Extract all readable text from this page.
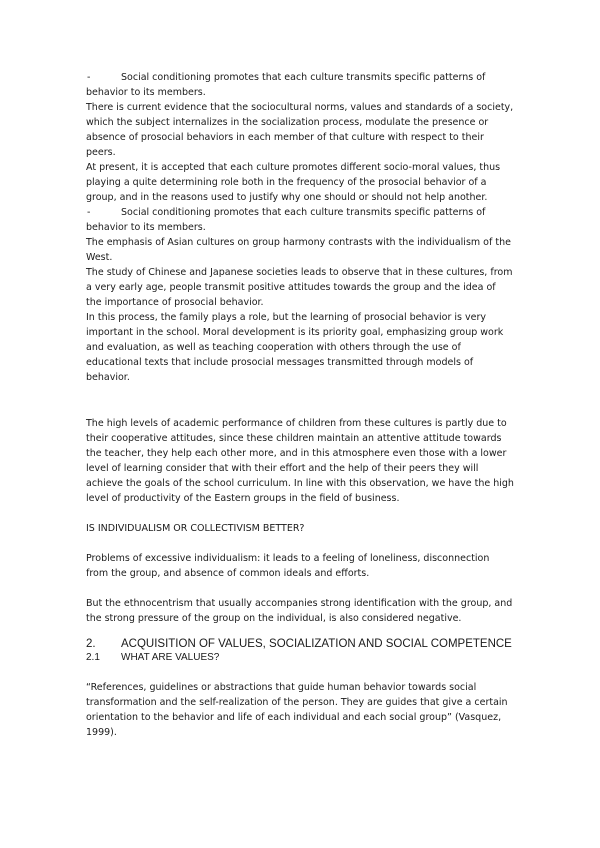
-	Social conditioning promotes that each culture transmits specific patterns of

behavior to its members.

There is current evidence that the sociocultural norms, values and standards of a society, which the subject internalizes in the socialization process, modulate the presence or absence of prosocial behaviors in each member of that culture with respect to their peers.

At present, it is accepted that each culture promotes different socio-moral values, thus playing a quite determining role both in the frequency of the prosocial behavior of a group, and in the reasons used to justify why one should or should not help another.

-	Social conditioning promotes that each culture transmits specific patterns of

behavior to its members.

The emphasis of Asian cultures on group harmony contrasts with the individualism of the West.

The study of Chinese and Japanese societies leads to observe that in these cultures, from a very early age, people transmit positive attitudes towards the group and the idea of the importance of prosocial behavior.

In this process, the family plays a role, but the learning of prosocial behavior is very important in the school. Moral development is its priority goal, emphasizing group work and evaluation, as well as teaching cooperation with others through the use of educational texts that include prosocial messages transmitted through models of behavior.

The high levels of academic performance of children from these cultures is partly due to their cooperative attitudes, since these children maintain an attentive attitude towards the teacher, they help each other more, and in this atmosphere even those with a lower level of learning consider that with their effort and the help of their peers they will achieve the goals of the school curriculum. In line with this observation, we have the high level of productivity of the Eastern groups in the field of business.

IS INDIVIDUALISM OR COLLECTIVISM BETTER?

Problems of excessive individualism: it leads to a feeling of loneliness, disconnection from the group, and absence of common ideals and efforts.

But the ethnocentrism that usually accompanies strong identification with the group, and the strong pressure of the group on the individual, is also considered negative.

2.	ACQUISITION OF VALUES, SOCIALIZATION AND SOCIAL COMPETENCE
2.1	WHAT ARE VALUES?

“References, guidelines or abstractions that guide human behavior towards social transformation and the self-realization of the person. They are guides that give a certain orientation to the behavior and life of each individual and each social group” (Vasquez, 1999).
